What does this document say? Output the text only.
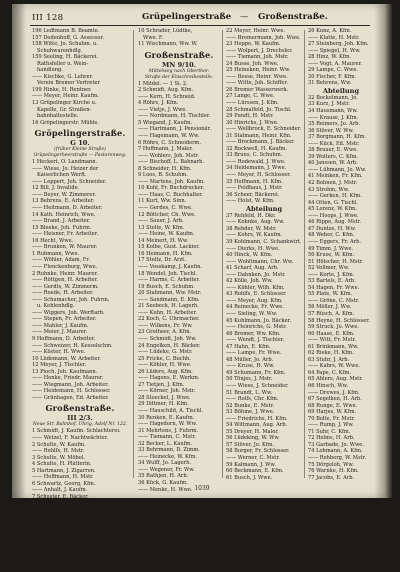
III 128	Grüpelingerstraße — Großenstraße.
196 Ledtmann B. Beamte.
157 Dodenhoff, G. Assessor.
158 Witte, Jo. Schuhm. u.
Schuhwarenhdlg.
159 Seeling, H. Bäckerei.
Rathsfeller u. Wein-
handlung.
—— Kischke, G. Lehrer.
Verein Bremer Vertreter
199 Hinke, H. Rentner.
—— Meyer, Heinr. Kaufm.
13 Grüpelinger Kirche u.
Kapelle, Gr. Straßen-
bahnhaltestelle.
16 Gröpelingerstr. Mühle.
Gröpelingerstraße.
G 10.
(früher Kleine Straße)
Grüpelingerheerstraße — Pastorenweg.
1 Heckert, O. Landmann.
—— Wiese, Jo. Heizer der
Kaiserlichen Werft.
—— Leppert, Joh. Schneider.
12 Bill, J. Invalide.
—— Beyer, W. Zimmerer.
13 Behrens, E. Arbeiter.
—— Heitmann, D. Arbeiter.
14 Kath. Heinrich, Wwe.
—— Brand, J. Arbeiter.
15 Bleeke, Joh. Fuhrm.
—— Heisner, Fr. Arbeiter.
16 Hecht, Wwe.
—— Brunken, W. Maurer.
1 Ruhmann, Wwe.
—— Wöhler, Adam, Fr.
—— Flenckenburg, Wwe.
2 Ruhnke, Heinr. Maurer.
—— Röttgen, H. Arbeiter.
—— Gerdts, W. Zimmerm.
—— Roede, H. Arbeiter.
—— Schumacher, Joh. Fuhrm.
u. Kohlenhdlg.
—— Wiggers, Joh. Werftarb.
—— Stepen, Fr. Arbeiter.
—— Mahler, J. Kaufm.
—— Meier, J. Maurer.
9 Hoffmann, D. Arbeiter.
—— Schweizer, H. Kesselschm.
—— Köster, H. Wwe.
10 Lüdemann, W. Arbeiter.
12 Meyer, J. Tischler.
13 Pioch, Joh. Kaufmann.
—— Henke, Friedr. Maurer.
—— Wiegmann, Joh. Arbeiter.
—— Heidemann, H. Schlosser.
—— Grünhagen, Ed. Arbeiter.
Großenstraße.
III 2/3.
Neue Str. Bahnhof. Uhrig, Adolf Nr. 122.
1 Schmidt, J. Kaufm. Schlachterei.
—— Wetzel, F. Nachtwächter.
2 Schulte, W. Kaufm.
—— Rohlfs, H. Mstr.
3 Schulte, W. Möbel.
4 Schulte, H. Plätterin.
5 Hartmann, J. Zigarren.
—— Hoffmann, H. Mstr.
6 Schwartz, Georg, Kfm.
—— Anhalt, J. Kaufm.
7 Schuster, E. Bäcker.
8 Holz, A. Dekorat.
—— Kirchner, Joh. Gürtler.
9 Meyer, H. Mstr.
—— Holz, Dr. Arzt.
10 Meyer, E. Kfm.
11 Holz, Josef, Buchbinderei.
—— Maas, D. Wirtschaft.
12 Heineken, Ed. Bäckerei.
13 Kaiser, A. Schneider.
14 Vornholt, H. Kaufm.
15 Heinemann, Ed. Rentier.
10 Schrader, Lüdtke,
Wwe. F.
11 Wischmann, Ww. W.
Großenstraße.
MN 9/10.
Mittelweg nach Oberthor.
Straße der Einschreibestelle.
1 Mitdel. — 1 Si. 2.
2 Schmidt, Aug. Kfm.
—— Kern, H. Schneid.
4 Röhrs, J. Kfm.
—— Vietje, J. Wwe.
—— Nordmann, H. Tischler.
5 Wiegand, J. Kaufm.
—— Hartmann, J. Pensionär.
—— Hagemann, W. Ww.
6 Röhrs, C. Schneiderm.
7 Hoffmann, J. Maler.
—— Wohlers, Joh. Mstr.
—— Bischoff, L. Bahnarb.
8 Schneider, H. Kfm.
9 Loos, B. Schuhm.
—— Martens, Joh. Kaufm.
10 Kohl, Fr. Buchdrucker.
—— Haas, C. Buchhalter.
11 Kurt, Ww. Sinn.
—— Gerdes, C. Wwe.
12 Böttcher, Ch. Wwe.
—— Sauer, J. Arb.
13 Stolte, W. Kfm.
—— Heine, W. Kaufm.
14 Meinert, H. Ww.
15 Kolbe, Gust. Lackier.
16 Heimann, H. Kfm.
17 Stoltz, Dr. Arzt.
—— Vosskamp, J. Kaufm.
18 Wendel, Joh. Tischl.
—— Harms, C. Arbeiter.
19 Busch, E. Schuhm.
20 Stahmann, Ww. Mstr.
—— Sandmann, E. Kfm.
21 Seebeck, H. Lagerh.
—— Kuhn, H. Arbeiter.
22 Koch, C. Uhrmacher.
—— Wilkens, Fr. Ww.
23 Grotheer, A. Kfm.
—— Schmidt, Joh. Ww.
24 Engelken, H. Bäcker.
—— Lüdeke, G. Mstr.
25 Fricke, C. Buchh.
—— Köhler, H. Wwe.
26 Lüders, Aug. Kfm.
—— Hagens, E. Werkm.
27 Tietjen, J. Kfm.
—— Körner, Joh. Mstr.
28 Stoeckel, J. Wwe.
29 Dittmer, H. Kfm.
—— Hauschild, A. Tischl.
30 Renken, E. Kaufm.
—— Hagedorn, W. Ww.
31 Mehrtens, J. Fuhrm.
—— Tiemann, C. Mstr.
32 Becker, L. Kaufm.
33 Behrmann, D. Zimm.
—— Heinecke, W. Kfm.
34 Wulff, Jo. Lagerh.
—— Wegener, Fr. Ww.
35 Rathjen, H. Arb.
36 Kück, G. Kaufm.
—— Menke, H. Wwe.
22 Meyer, Heinr. Wwe.
—— Bremermann, Joh. Wwe.
23 Hoppe, W. Kaufm.
—— Wolpert, J. Drechsler.
—— Tiemann, Joh. Mstr.
24 Busse, Joh. Wwe.
25 Heineken, Heinr. Ww.
—— Bosse, Heinr. Wwe.
—— Witte, Joh. Schiffer.
26 Bremer Wasserwerk.
27 Lange, C. Wwe.
—— Lürssen, J. Kfm.
28 Schmalfeld, Jo. Tischl.
29 Pundt, H. Mstr.
30 Hinrichs, J. Wwe.
—— Wellbrock, E. Schneider.
31 Stalmann, Heinr. Kfm.
—— Brockmann, J. Bäcker.
32 Rockwell, H. Kaufm.
33 Bruns, C. Schuhm.
—— Rodewald, J. Wwe.
34 Heidemann, J. Wwe.
—— Meyer, H. Schlosser.
35 Hoffmann, H. Kfm.
—— Feldhaus, J. Mstr.
36 Scheer, Bäckerei.
—— Holst, W. Kfm.
Abteilung
37 Rehfeld, H. Dkr.
—— Kohnke, Aug. Ww.
38 Rehder, W. Mstr.
—— Kohrs, W. Kaufm.
39 Kohlmann, C. Schankwirt.
—— Dierks, H. Wwe.
40 Hinck, W. Kfm.
—— Wohltmann, Chr. Ww.
41 Scharf, Aug. Arb.
—— Dahnken, Jo. Mstr.
42 Kölle, Joh. Ww.
—— Köhler, Wilh. Kfm.
43 Rohlfs, E. Schlosser.
—— Meyer, Aug. Kfm.
44 Reinecke, Fr. Wwe.
—— Sieling, W. Ww.
45 Kuhlmann, Jo. Bäcker.
—— Heinrichs, G. Mstr.
46 Bremer, Ww. Kfm.
—— Wendt, J. Tischler.
47 Hahn, E. Kfm.
—— Lampe, Fr. Wwe.
48 Müller, Jo. Arb.
—— Kruse, H. Ww.
49 Schumann, Fr. Kfm.
50 Tönjes, J. Mstr.
—— Wiese, J. Schneider.
51 Brandt, L. Ww.
—— Rolfs, Chr. Kfm.
52 Bunke, E. Mstr.
53 Böhme, J. Wwe.
—— Friedrichs, H. Kfm.
54 Wittmann, Aug. Arb.
55 Dreyer, H. Maler.
56 Lüdeking, W. Ww.
57 Stöver, Jo. Kfm.
58 Burger, Fr. Schlosser.
—— Werner, C. Mstr.
59 Kalmann, J. Ww.
60 Beckmann, E. Kfm.
61 Busch, J. Wwe.
26 Kunz, A. Kfm.
—— Klatte, H. Mstr.
27 Steinberg, Joh. Kfm.
—— Spiegel, H. Ww.
28 Hinz, W. Kfm.
—— Vogt, A. Maurer.
29 Lampe, C. Wwe.
30 Fischer, F. Kfm.
31 Behrens, Ww.
Abteilung
32 Bockelmann, Jo.
33 Kurz, J. Mstr.
34 Hausmann, Ww.
—— Krause, J. Kfm.
35 Reimers, Jo. Arb.
36 Stöver, W. Ww.
37 Borgmann, H. Kfm.
—— Kück, Ed. Mstr.
38 Brauer, E. Wwe.
39 Wolters, C. Kfm.
40 Janssen, W. Arb.
—— Lühmann, Jo. Ww.
41 Meinken, Fr. Kfm.
42 Bohnen, J. Mstr.
43 Strohm, Ww.
—— Gerken, H. Kfm.
44 Otten, G. Tischl.
45 Lorenz, W. Kfm.
—— Hoops, J. Wwe.
46 Rippe, Aug. Mstr.
47 Duntze, H. Ww.
48 Weber, C. Kfm.
—— Eggers, Fr. Arb.
49 Timm, J. Wwe.
50 Kruse, W. Kfm.
51 Hölscher, H. Mstr.
52 Vollmer, Ww.
—— Korte, J. Kfm.
53 Bartels, E. Arb.
54 Hagen, Fr. Wwe.
55 Plate, W. Kfm.
—— Gröne, C. Mstr.
56 Möller, J. Ww.
57 Rüsch, A. Kfm.
58 Heyne, H. Schlosser.
59 Struck, Jo. Wwe.
60 Haase, E. Kfm.
—— Witt, Fr. Mstr.
61 Brinkmann, Ww.
62 Rieke, H. Kfm.
63 Stuhr, J. Arb.
—— Kahrs, W. Wwe.
64 Pape, C. Kfm.
65 Ahlers, Aug. Mstr.
66 Hinsch, Ww.
—— Drewes, J. Kfm.
67 Segelken, H. Arb.
68 Runge, E. Wwe.
69 Harjes, W. Kfm.
70 Bolte, Fr. Mstr.
—— Rump, J. Ww.
71 Suhr, C. Kfm.
72 Helms, H. Arb.
73 Garbade, Jo. Wwe.
74 Lohmann, A. Kfm.
—— Rehberg, W. Mstr.
75 Dörgeloh, Ww.
76 Warnke, H. Kfm.
77 Jacobs, E. Arb.
1039
